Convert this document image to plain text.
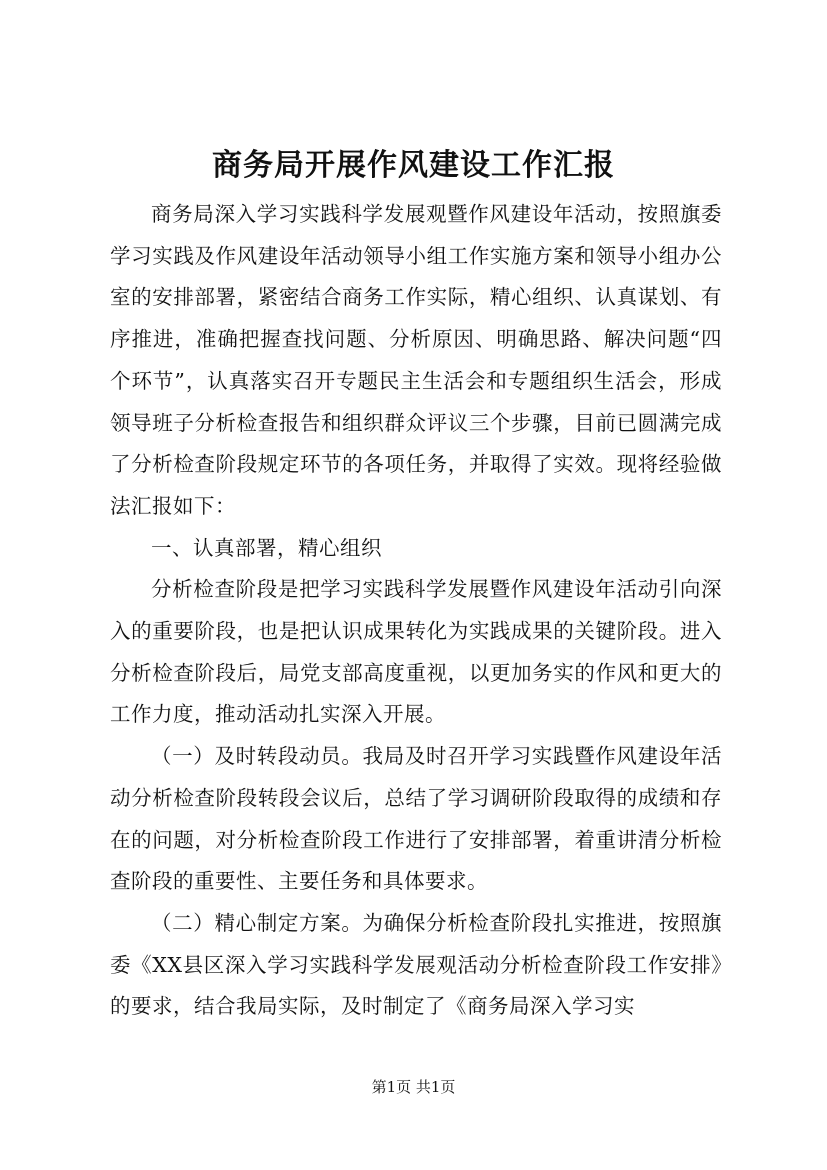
商务局开展作风建设工作汇报

商务局深入学习实践科学发展观暨作风建设年活动，按照旗委学习实践及作风建设年活动领导小组工作实施方案和领导小组办公室的安排部署，紧密结合商务工作实际，精心组织、认真谋划、有序推进，准确把握查找问题、分析原因、明确思路、解决问题“四个环节”，认真落实召开专题民主生活会和专题组织生活会，形成领导班子分析检查报告和组织群众评议三个步骤，目前已圆满完成了分析检查阶段规定环节的各项任务，并取得了实效。现将经验做法汇报如下：

一、认真部署，精心组织

分析检查阶段是把学习实践科学发展暨作风建设年活动引向深入的重要阶段，也是把认识成果转化为实践成果的关键阶段。进入分析检查阶段后，局党支部高度重视，以更加务实的作风和更大的工作力度，推动活动扎实深入开展。

（一）及时转段动员。我局及时召开学习实践暨作风建设年活动分析检查阶段转段会议后，总结了学习调研阶段取得的成绩和存在的问题，对分析检查阶段工作进行了安排部署，着重讲清分析检查阶段的重要性、主要任务和具体要求。

（二）精心制定方案。为确保分析检查阶段扎实推进，按照旗委《XX县区深入学习实践科学发展观活动分析检查阶段工作安排》的要求，结合我局实际，及时制定了《商务局深入学习实

第1页 共1页
